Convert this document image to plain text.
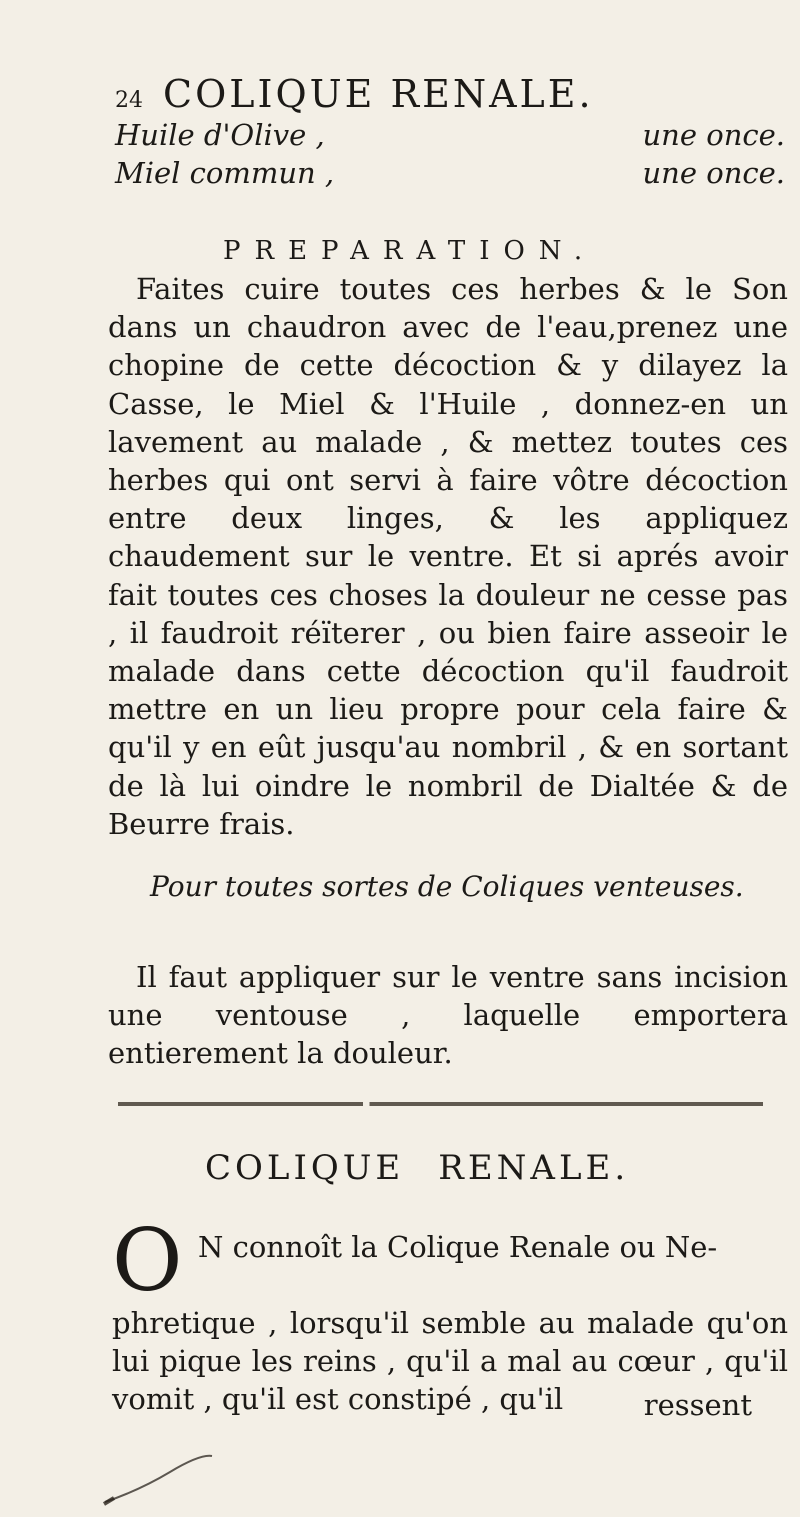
24 COLIQUE RENALE.
Huile d'Olive ,	une once.
Miel commun ,	une once.
PREPARATION.

Faites cuire toutes ces herbes & le Son dans un chaudron avec de l'eau,prenez une chopine de cette décoction & y dilayez la Casse, le Miel & l'Huile , donnez-en un lavement au malade , & mettez toutes ces herbes qui ont servi à faire vôtre décoction entre deux linges, & les appliquez chaudement sur le ventre. Et si aprés avoir fait toutes ces choses la douleur ne cesse pas , il faudroit réïterer , ou bien faire asseoir le malade dans cette décoction qu'il faudroit mettre en un lieu propre pour cela faire & qu'il y en eût jusqu'au nombril , & en sortant de là lui oindre le nombril de Dialtée & de Beurre frais.

Pour toutes sortes de Coliques venteuses.

Il faut appliquer sur le ventre sans incision une ventouse , laquelle emportera entierement la douleur.

COLIQUE RENALE.
O N connoît la Colique Renale ou Ne-

phretique , lorsqu'il semble au malade qu'on lui pique les reins , qu'il a mal au cœur , qu'il vomit , qu'il est constipé , qu'il	ressent
